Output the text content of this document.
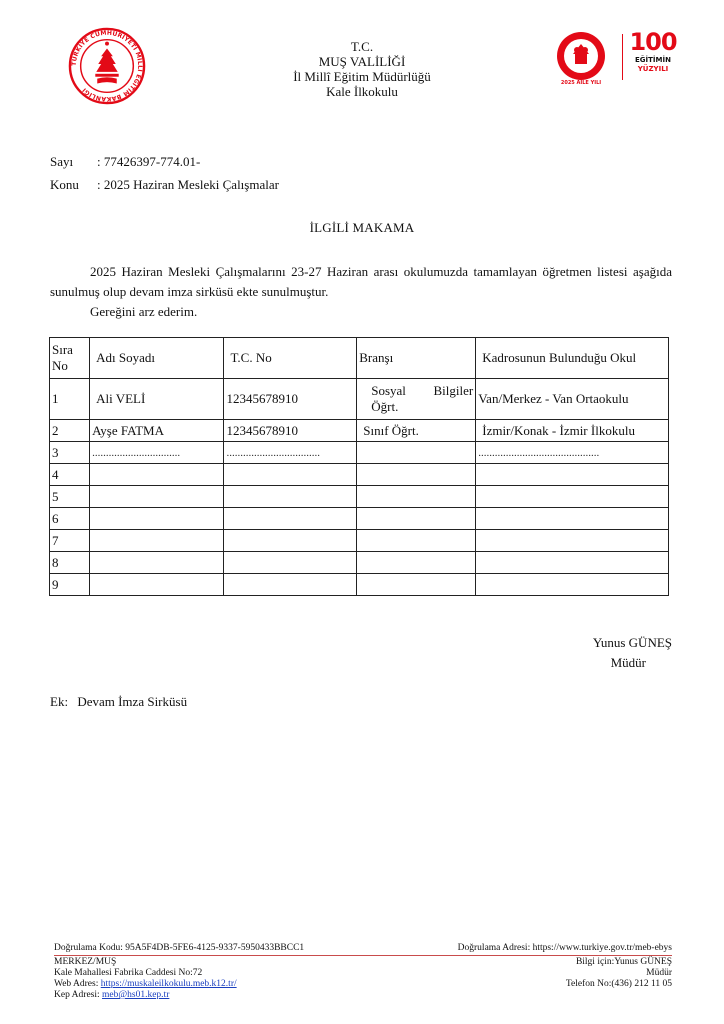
TÜRKİYE CUMHURİYETİ MİLLİ EĞİTİM BAKANLIĞI
T.C.
MUŞ VALİLİĞİ
İl Millî Eğitim Müdürlüğü
Kale İlkokulu
2025 AİLE YILI
100
EĞİTİMİN
YÜZYILI
Sayı : 77426397-774.01-
Konu : 2025 Haziran Mesleki Çalışmalar
İLGİLİ MAKAMA

2025 Haziran Mesleki Çalışmalarını 23-27 Haziran arası okulumuzda tamamlayan öğretmen listesi aşağıda sunulmuş olup devam imza sirküsü ekte sunulmuştur.

Gereğini arz ederim.

Sıra No	Adı Soyadı	T.C. No	Branşı	Kadrosunun Bulunduğu Okul
1	Ali VELİ	12345678910	Sosyal Bilgiler Öğrt.	Van/Merkez - Van Ortaokulu
2	Ayşe FATMA	12345678910	Sınıf Öğrt.	İzmir/Konak - İzmir İlkokulu
3	................................	..................................		............................................
4				
5				
6				
7				
8				
9				
Yunus GÜNEŞ
Müdür
Ek: Devam İmza Sirküsü
Doğrulama Kodu: 95A5F4DB-5FE6-4125-9337-5950433BBCC1	Doğrulama Adresi: https://www.turkiye.gov.tr/meb-ebys
MERKEZ/MUŞ
Kale Mahallesi Fabrika Caddesi No:72
Web Adres: https://muskaleilkokulu.meb.k12.tr/
Kep Adresi: meb@hs01.kep.tr
Bilgi için:Yunus GÜNEŞ
Müdür
Telefon No:(436) 212 11 05
